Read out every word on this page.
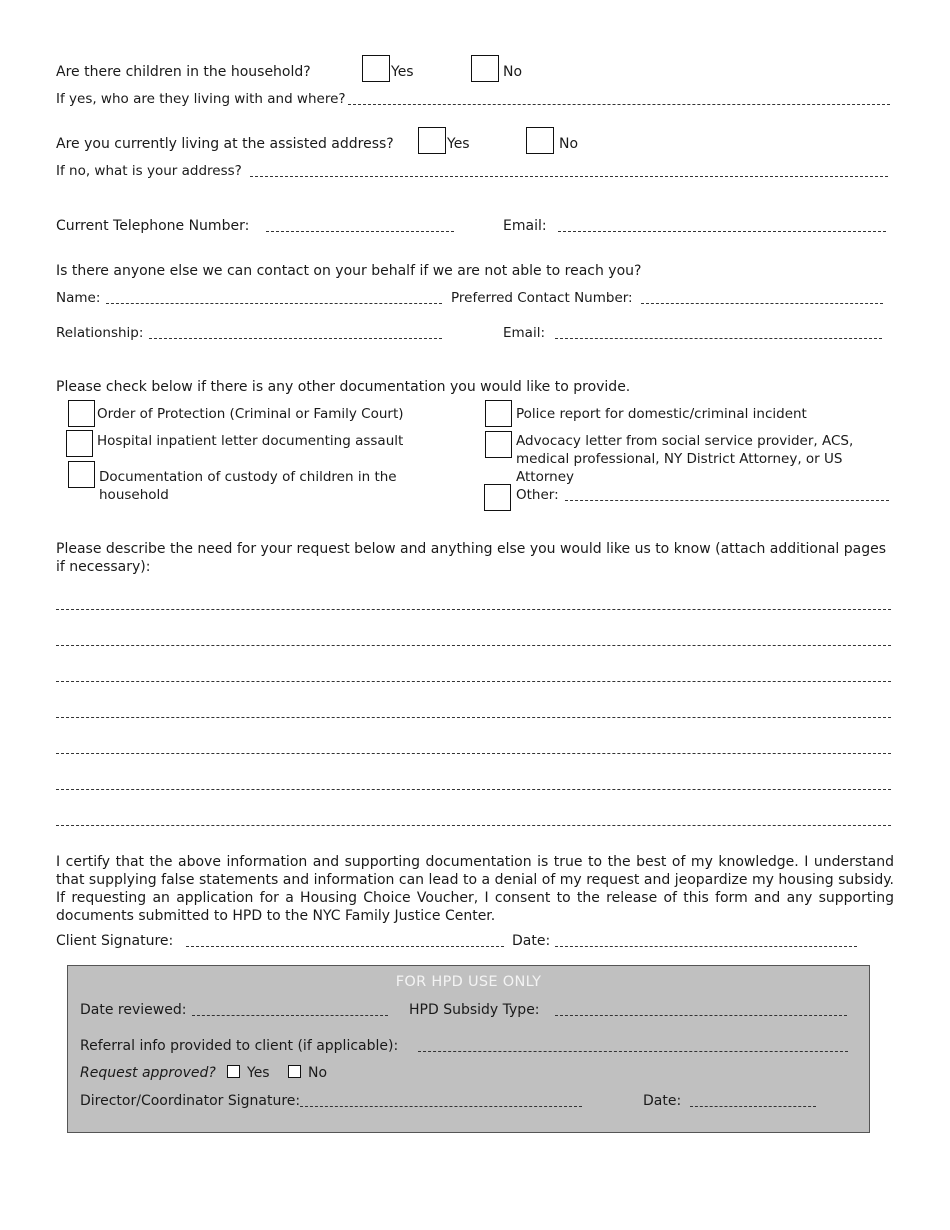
Are there children in the household?	Yes	No
If yes, who are they living with and where?
Are you currently living at the assisted address?	Yes	No
If no, what is your address?
Current Telephone Number:	Email:
Is there anyone else we can contact on your behalf if we are not able to reach you?
Name:	Preferred Contact Number:
Relationship:	Email:
Please check below if there is any other documentation you would like to provide.
Order of Protection (Criminal or Family Court)
Hospital inpatient letter documenting assault
Documentation of custody of children in the household
Police report for domestic/criminal incident
Advocacy letter from social service provider, ACS, medical professional, NY District Attorney, or US Attorney
Other:
Please describe the need for your request below and anything else you would like us to know (attach additional pages if necessary):
I certify that the above information and supporting documentation is true to the best of my knowledge. I understand that supplying false statements and information can lead to a denial of my request and jeopardize my housing subsidy. If requesting an application for a Housing Choice Voucher, I consent to the release of this form and any supporting documents submitted to HPD to the NYC Family Justice Center.
Client Signature:	Date:
FOR HPD USE ONLY
Date reviewed:	HPD Subsidy Type:
Referral info provided to client (if applicable):
Request approved? Yes	No
Director/Coordinator Signature:	Date:
